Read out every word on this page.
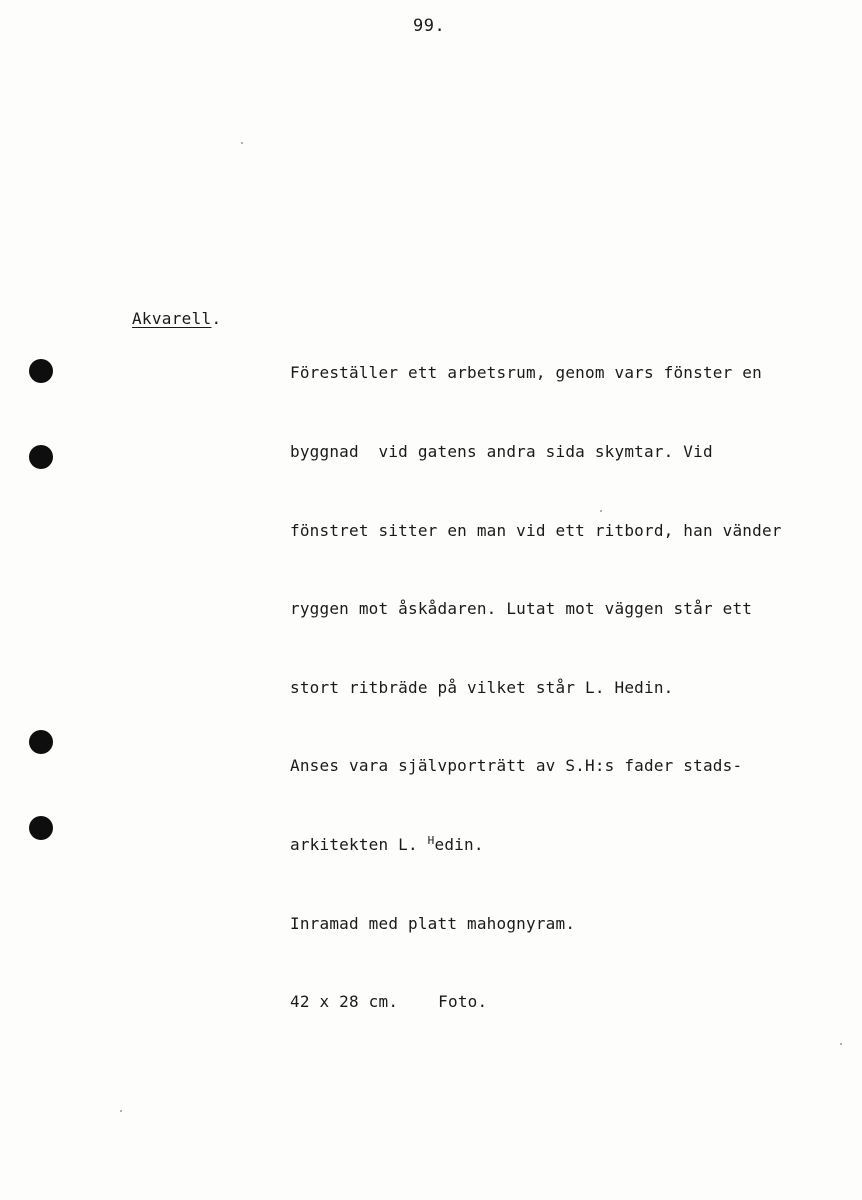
99.
Akvarell.

Föreställer ett arbetsrum, genom vars fönster en

byggnad  vid gatens andra sida skymtar. Vid

fönstret sitter en man vid ett ritbord, han vänder

ryggen mot åskådaren. Lutat mot väggen står ett

stort ritbräde på vilket står L. Hedin.

Anses vara självporträtt av S.H:s fader stads-

arkitekten L. $^H$edin.

Inramad med platt mahognyram.

42 x 28 cm.	Foto.
